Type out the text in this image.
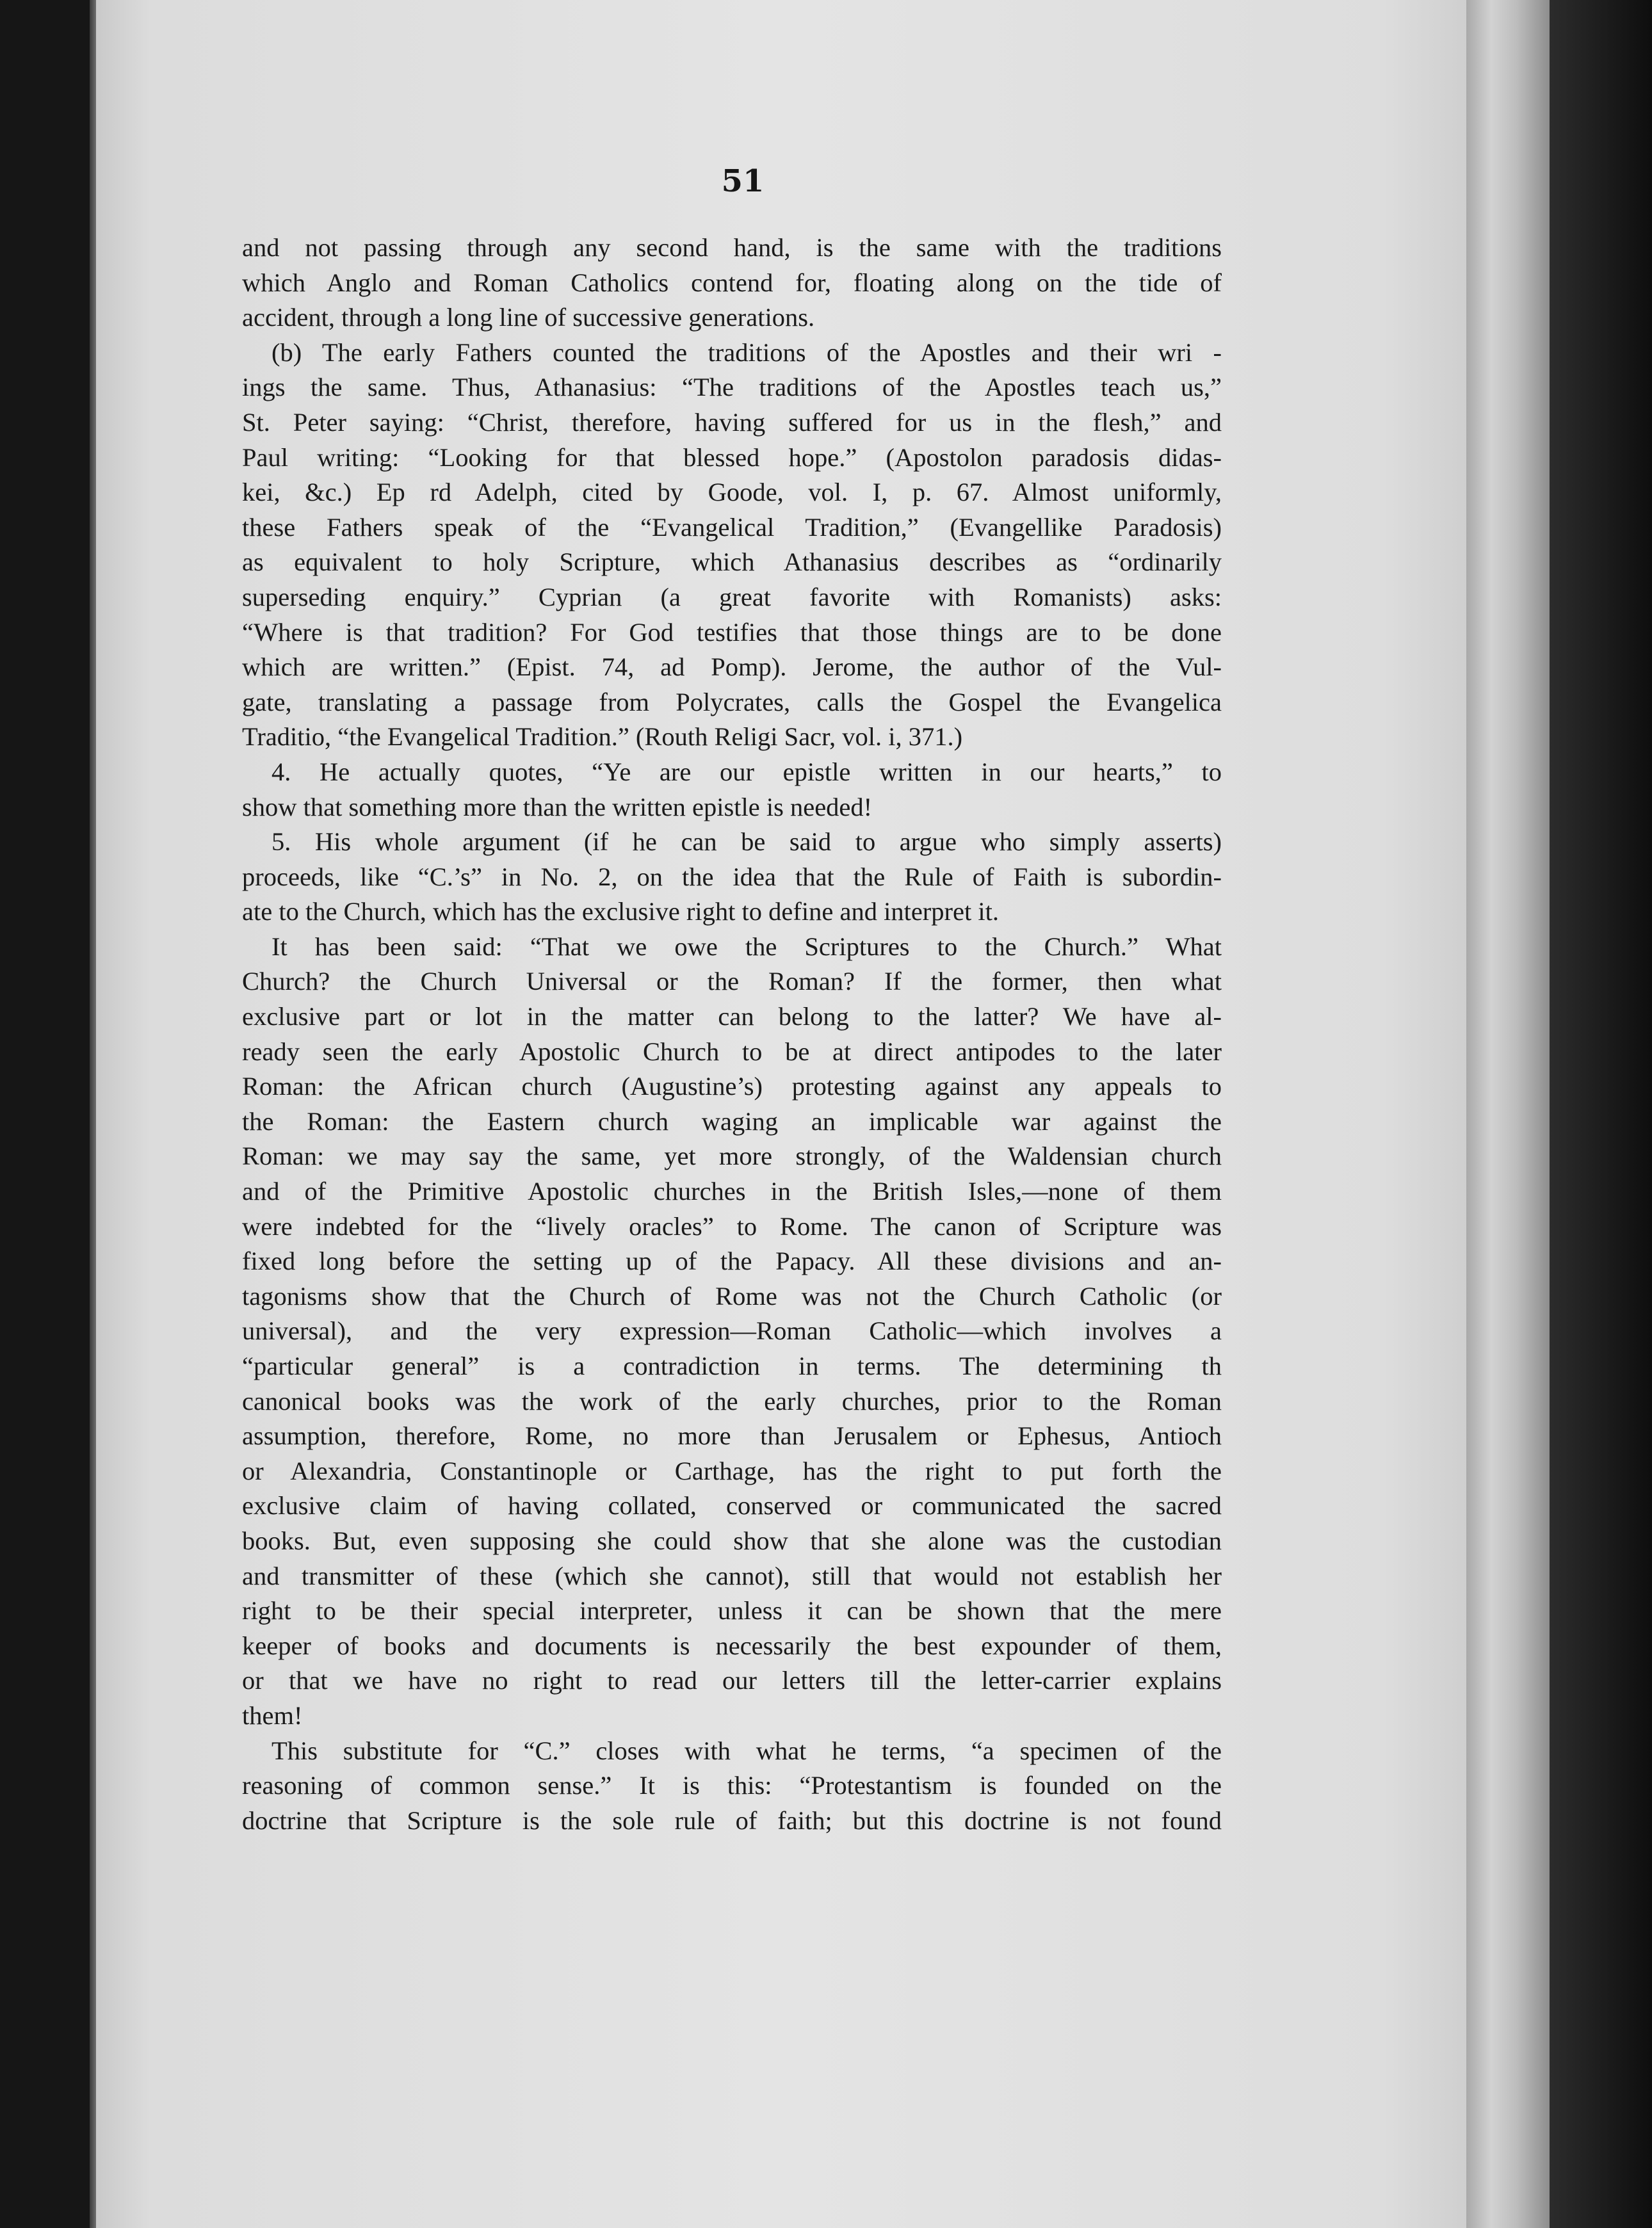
51
and not passing through any second hand, is the same with the traditions
which Anglo and Roman Catholics contend for, floating along on the tide of
accident, through a long line of successive generations.
(b) The early Fathers counted the traditions of the Apostles and their wri -
ings the same. Thus, Athanasius: “The traditions of the Apostles teach us,”
St. Peter saying: “Christ, therefore, having suffered for us in the flesh,” and
Paul writing: “Looking for that blessed hope.” (Apostolon paradosis didas-
kei, &c.) Ep rd Adelph, cited by Goode, vol. I, p. 67. Almost uniformly,
these Fathers speak of the “Evangelical Tradition,” (Evangellike Paradosis)
as equivalent to holy Scripture, which Athanasius describes as “ordinarily
superseding enquiry.” Cyprian (a great favorite with Romanists) asks:
“Where is that tradition? For God testifies that those things are to be done
which are written.” (Epist. 74, ad Pomp). Jerome, the author of the Vul-
gate, translating a passage from Polycrates, calls the Gospel the Evangelica
Traditio, “the Evangelical Tradition.” (Routh Religi Sacr, vol. i, 371.)
4. He actually quotes, “Ye are our epistle written in our hearts,” to
show that something more than the written epistle is needed!
5. His whole argument (if he can be said to argue who simply asserts)
proceeds, like “C.’s” in No. 2, on the idea that the Rule of Faith is subordin-
ate to the Church, which has the exclusive right to define and interpret it.
It has been said: “That we owe the Scriptures to the Church.” What
Church? the Church Universal or the Roman? If the former, then what
exclusive part or lot in the matter can belong to the latter? We have al-
ready seen the early Apostolic Church to be at direct antipodes to the later
Roman: the African church (Augustine’s) protesting against any appeals to
the Roman: the Eastern church waging an implicable war against the
Roman: we may say the same, yet more strongly, of the Waldensian church
and of the Primitive Apostolic churches in the British Isles,—none of them
were indebted for the “lively oracles” to Rome. The canon of Scripture was
fixed long before the setting up of the Papacy. All these divisions and an-
tagonisms show that the Church of Rome was not the Church Catholic (or
universal), and the very expression—Roman Catholic—which involves a
“particular general” is a contradiction in terms. The determining th
canonical books was the work of the early churches, prior to the Roman
assumption, therefore, Rome, no more than Jerusalem or Ephesus, Antioch
or Alexandria, Constantinople or Carthage, has the right to put forth the
exclusive claim of having collated, conserved or communicated the sacred
books. But, even supposing she could show that she alone was the custodian
and transmitter of these (which she cannot), still that would not establish her
right to be their special interpreter, unless it can be shown that the mere
keeper of books and documents is necessarily the best expounder of them,
or that we have no right to read our letters till the letter-carrier explains
them!
This substitute for “C.” closes with what he terms, “a specimen of the
reasoning of common sense.” It is this: “Protestantism is founded on the
doctrine that Scripture is the sole rule of faith; but this doctrine is not found
